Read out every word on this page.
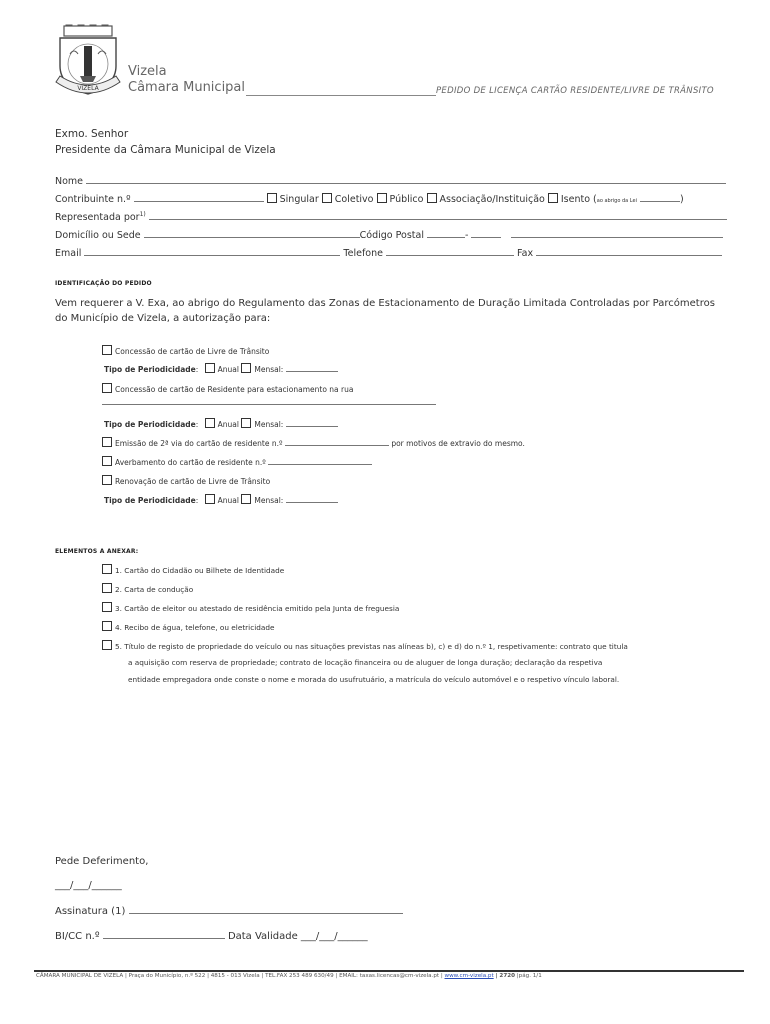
VIZELA
Vizela
Câmara Municipal	PEDIDO DE LICENÇA CARTÃO RESIDENTE/LIVRE DE TRÂNSITO
Exmo. Senhor
Presidente da Câmara Municipal de Vizela
Nome
Contribuinte n.º	Singular Coletivo Público Associação/Instituição Isento (ao abrigo da Lei	)
Representada por$^{1)}$
Domicílio ou Sede	Código Postal	-
Email	Telefone	Fax
IDENTIFICAÇÃO DO PEDIDO
Vem requerer a V. Exa, ao abrigo do Regulamento das Zonas de Estacionamento de Duração Limitada Controladas por Parcómetros
do Município de Vizela, a autorização para:
Concessão de cartão de Livre de Trânsito
Tipo de Periodicidade:	Anual Mensal:
Concessão de cartão de Residente para estacionamento na rua
Tipo de Periodicidade:	Anual Mensal:
Emissão de 2ª via do cartão de residente n.º	por motivos de extravio do mesmo.
Averbamento do cartão de residente n.º
Renovação de cartão de Livre de Trânsito
Tipo de Periodicidade:	Anual Mensal:
ELEMENTOS A ANEXAR:
1. Cartão do Cidadão ou Bilhete de Identidade
2. Carta de condução
3. Cartão de eleitor ou atestado de residência emitido pela Junta de freguesia
4. Recibo de água, telefone, ou eletricidade
5. Título de registo de propriedade do veículo ou nas situações previstas nas alíneas b), c) e d) do n.º 1, respetivamente: contrato que titula
a aquisição com reserva de propriedade; contrato de locação financeira ou de aluguer de longa duração; declaração da respetiva
entidade empregadora onde conste o nome e morada do usufrutuário, a matrícula do veículo automóvel e o respetivo vínculo laboral.
Pede Deferimento,
___/___/______
Assinatura (1)
BI/CC n.º	Data Validade ___/___/______
CÂMARA MUNICIPAL DE VIZELA | Praça do Município, n.º 522 | 4815 - 013 Vizela | TEL.FAX 253 489 630/49 | EMAIL: taxas.licencas@cm-vizela.pt | www.cm-vizela.pt | 2720 |pág. 1/1
